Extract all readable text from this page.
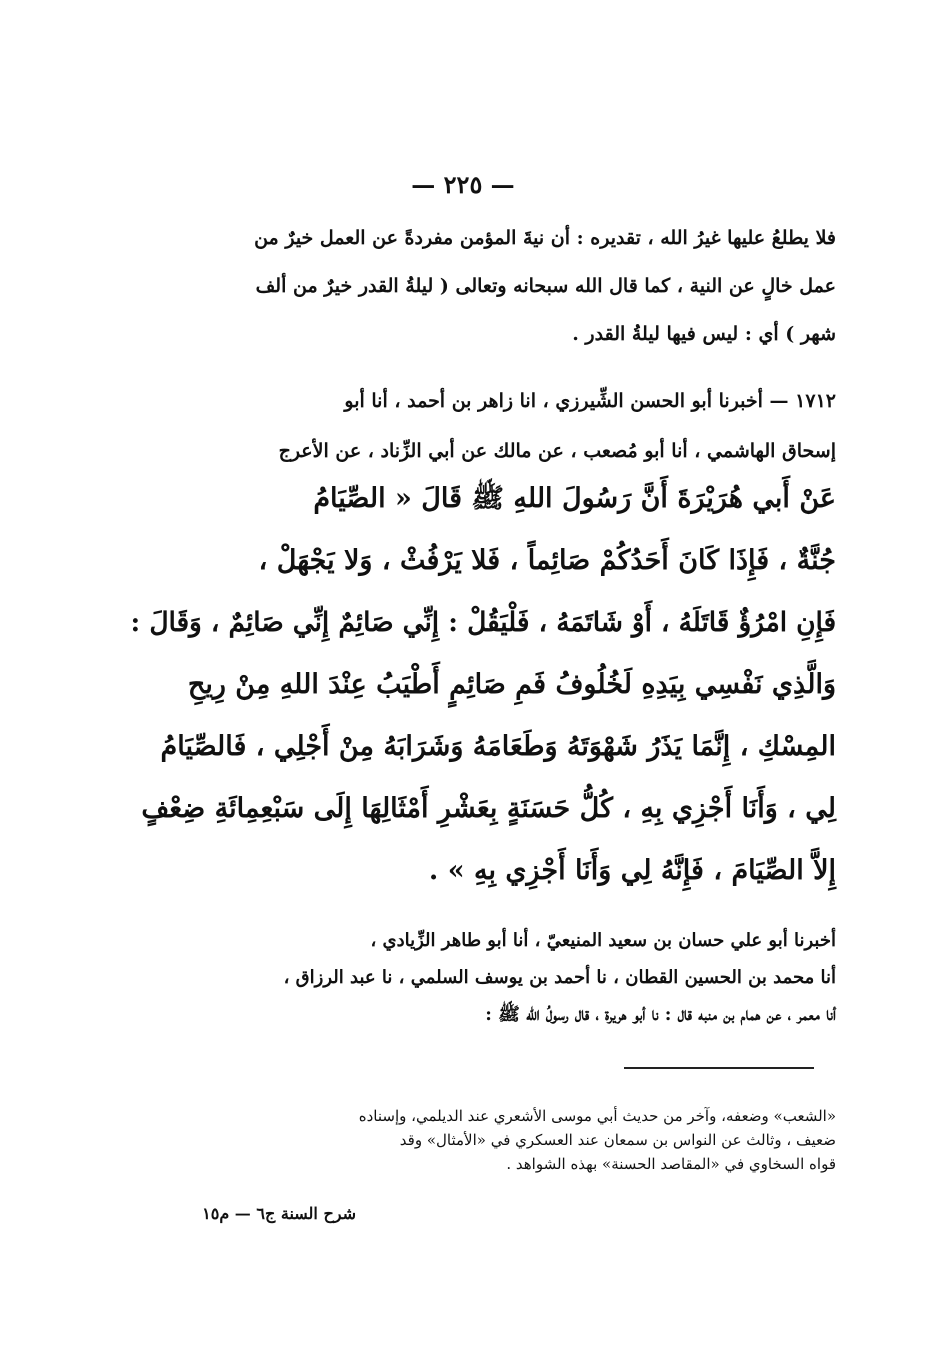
— ٢٢٥ —
فلا يطلعُ عليها غيرُ الله ، تقديره : أن نيةَ المؤمن مفردةً عن العمل خيرٌ من
عمل خالٍ عن النية ، كما قال الله سبحانه وتعالى ( ليلةُ القدر خيرٌ من ألف
شهر ) أي : ليس فيها ليلةُ القدر .
١٧١٢ — أخبرنا أبو الحسن الشِّيرزي ، انا زاهر بن أحمد ، أنا أبو
إسحاق الهاشمي ، أنا أبو مُصعب ، عن مالك عن أبي الزِّناد ، عن الأعرج
عَنْ أَبي هُرَيْرَةَ أَنَّ رَسُولَ اللهِ ﷺ قَالَ « الصِّيَامُ
جُنَّةٌ ، فَإِذَا كَانَ أَحَدُكُمْ صَائِماً ، فَلا يَرْفُثْ ، وَلا يَجْهَلْ ،
فَإِنِ امْرُؤٌ قَاتَلَهُ ، أَوْ شَاتَمَهُ ، فَلْيَقُلْ : إِنِّي صَائِمٌ إِنِّي صَائِمٌ ، وَقَالَ :
وَالَّذِي نَفْسِي بِيَدِهِ لَخُلُوفُ فَمِ صَائِمٍ أَطْيَبُ عِنْدَ اللهِ مِنْ رِيحِ
المِسْكِ ، إِنَّمَا يَذَرُ شَهْوَتَهُ وَطَعَامَهُ وَشَرَابَهُ مِنْ أَجْلِي ، فَالصِّيَامُ
لِي ، وَأَنَا أَجْزِي بِهِ ، كُلُّ حَسَنَةٍ بِعَشْرِ أَمْثَالِهَا إِلَى سَبْعِمِائَةِ ضِعْفٍ
إِلاَّ الصِّيَامَ ، فَإِنَّهُ لِي وَأَنَا أَجْزِي بِهِ » .
أخبرنا أبو علي حسان بن سعيد المنيعيّ ، أنا أبو طاهر الزِّيادي ،
أنا محمد بن الحسين القطان ، نا أحمد بن يوسف السلمي ، نا عبد الرزاق ،
أنا معمر ، عن همام بن منبه قال : نا أبو هريرة ، قال رسولُ الله ﷺ :
«الشعب» وضعفه، وآخر من حديث أبي موسى الأشعري عند الديلمي، وإسناده
ضعيف ، وثالث عن النواس بن سمعان عند العسكري في «الأمثال» وقد
قواه السخاوي في «المقاصد الحسنة» بهذه الشواهد .
شرح السنة ج٦ — م١٥
